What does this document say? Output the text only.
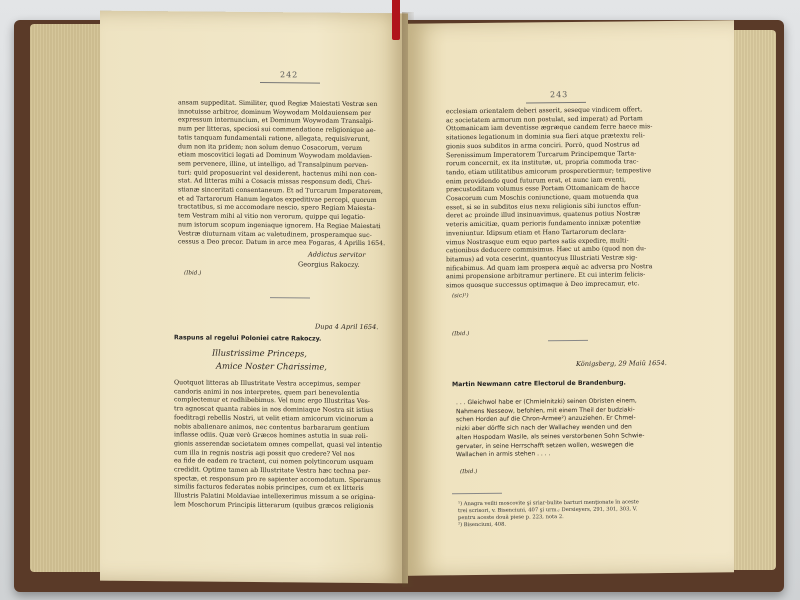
242
ansam suppeditat. Similiter, quod Regiæ Maiestati Vestræ sen
innotuisse arbitror, dominum Woywodam Moldauiensem per
expressum internuncium, et Dominum Woywodam Transalpi-
num per litteras, speciosi sui commendatione religionique ae-
tatis tanquam fundamentali ratione, allegata, requisiverunt,
dum non ita pridem; non solum denuo Cosacorum, verum
etiam moscovitici legati ad Dominum Woywodam moldavien-
sem pervenere, illine, ut intelligo, ad Transalpinum perven-
turi: quid proposuerint vel desiderent, hactenus mihi non con-
stat. Ad litteras mihi a Cosacis missas responsum dedi, Chri-
stianæ sinceritati consentaneum. Et ad Turcarum Imperatorem,
et ad Tartarorum Hanum legatos expeditivae percepi, quorum
tractatibus, si me accomodare nescio, spero Regiam Maiesta-
tem Vestram mihi al vitio non verorum, quippe qui legatio-
num istorum scopum ingeniaque ignorem. Ha Regiae Maiestati
Vestræ diuturnam vitam ac valetudinem, prosperamque suc-
cessus a Deo precor. Datum in arce mea Fogaras, 4 Aprilis 1654.
Addictus servitor
Georgius Rakoczy.
(Ibid.)
Dupa 4 April 1654.
Raspuns al regelui Poloniei catre Rakoczy.
Illustrissime Princeps,
Amice Noster Charissime,
Quotquot litteras ab Illustritate Vestra accepimus, semper
candoris animi in nos interpretes, quem pari benevolentia
complectemur et redhibebimus. Vel nunc ergo Illustritas Ves-
tra agnoscat quanta rabies in nos dominiaque Nostra sit istius
foeditragi rebellis Nostri, ut velit etiam amicorum vicinorum a
nobis abalienare animos, nec contentus barbararum gentium
inflasse odiis. Quæ verò Græcos homines astutia in suæ reli-
gionis asserendæ societatem omnes compellat, quasi vel intentio
cum illa in regnis nostris agi possit quo credere? Vel nos
ea fide de eadem re tractent, cui nomen polytincorum usquam
credidit. Optime tamen ab Illustritate Vestra hæc techna per-
spectæ, et responsum pro re sapienter accomodatum. Speramus
similis facturos federates nobis principes, cum et ex litteris
Illustris Palatini Moldaviae intellexerimus missum a se origina-
lem Moschorum Principis litterarum (quibus græcos religionis
243
ecclesiam orientalem deberi asserit, seseque vindicem offert,
ac societatem armorum non postulat, sed imperat) ad Portam
Ottomanicam iam deventisse ægræque candem ferre haece mis-
sitationes legationum in dominia sua fieri atque prætextu reli-
gionis suos subditos in arma conciri. Porrò, quod Nostrus ad
Serenissimum Imperatorem Turcarum Principemque Tarta-
rorum concernit, ex ita institutæ, ut, propria commoda trac-
tando, etiam utilitatibus amicorum prosperetiermur; tempestive
enim providendo quod futurum erat, et nunc iam eventi,
præcustoditam volumus esse Portam Ottomanicam de hacce
Cosacorum cum Moschis coniunctione, quam motuenda qua
esset, si se in subditos eius nexu religionis sibi iunctos effun-
deret ac proinde illud insinuavimus, quatenus potius Nostræ
veteris amicitiæ, quam perioris fundamento innixæ potentiæ
inveniuntur. Idipsum etiam et Hano Tartarorum declara-
vimus Nostrasque eum equo partes satis expedire, multi-
cationibus deducere commisimus. Hæc ut ambo (quod non du-
bitamus) ad vota ceserint, quantocyus Illustriati Vestræ sig-
nificabimus. Ad quam iam prospera æquè ac adversa pro Nostra
animi propensione arbitramur pertinere. Et cui interim felicis-
simos quosque successus optimaque à Deo imprecamur, etc.
(sic)¹)
(Ibid.)
Königsberg, 29 Maiü 1654.
Martin Newmann catre Electorul de Brandenburg.
. . . Gleichwol habe er (Chmielnitzki) seinen Obristen einem,
Nahmens Nesseow, befohlen, mit einem Theil der budziaki-
schen Horden auf die Chron-Armee²) anzuziehen. Er Chmel-
nizki aber dörffe sich nach der Wallachey wenden und den
alten Hospodarn Wasile, als seines verstorbenen Sohn Schwie-
gervater, in seine Herrschafft setzen wollen, weswegen die
Wallachen in armis stehen . . . .
(Ibid.)
¹) Anagra veilii moscovite şi sriar-bulite barturi menţionate în aceste
trei scrisori, v. Bisenciuni, 407 şi urm.; Dersieyers, 291, 301, 303, V.
pentru aceste două piese p. 223, nota 2.
²) Bisenciuni, 408.
